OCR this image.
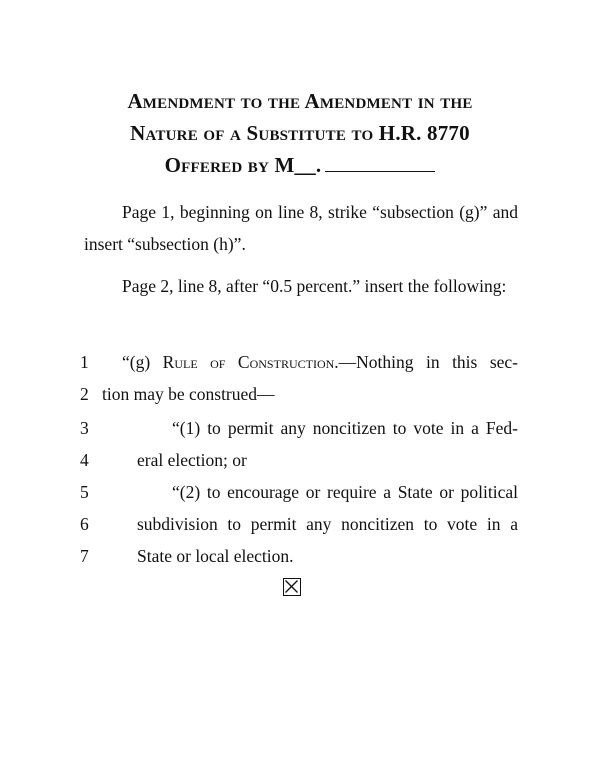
Amendment to the Amendment in the
Nature of a Substitute to H.R. 8770
Offered by M__.
Page 1, beginning on line 8, strike “subsection (g)” and insert “subsection (h)”.
Page 2, line 8, after “0.5 percent.” insert the following:
1	“(g) Rule of Construction.—Nothing in this sec-
2 tion may be construed—
3	“(1) to permit any noncitizen to vote in a Fed-
4	eral election; or
5	“(2) to encourage or require a State or political
6	subdivision to permit any noncitizen to vote in a
7	State or local election.
